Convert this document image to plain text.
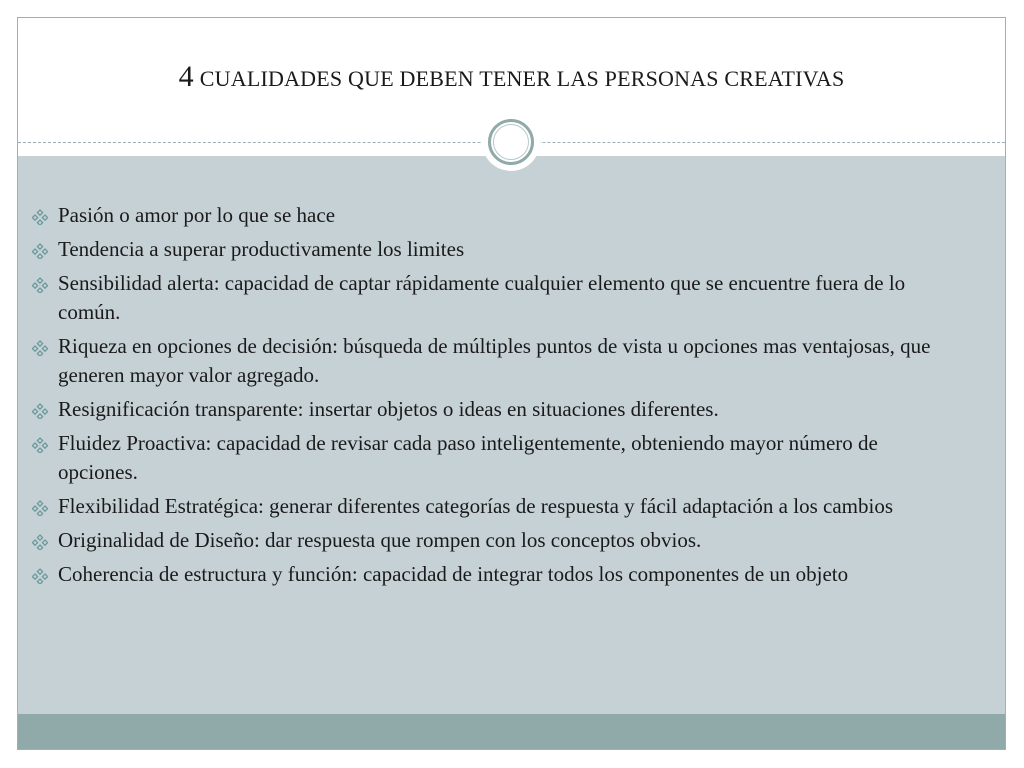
4 CUALIDADES QUE DEBEN TENER LAS PERSONAS CREATIVAS
Pasión o amor por lo que se hace
Tendencia a superar productivamente los limites
Sensibilidad alerta: capacidad de captar rápidamente cualquier elemento que se encuentre fuera de lo común.
Riqueza en opciones de decisión: búsqueda de múltiples puntos de vista u opciones mas ventajosas, que generen mayor valor agregado.
Resignificación transparente: insertar objetos o ideas en situaciones diferentes.
Fluidez Proactiva: capacidad de revisar cada paso inteligentemente, obteniendo mayor número de opciones.
Flexibilidad Estratégica: generar diferentes categorías de respuesta y fácil adaptación a los cambios
Originalidad de Diseño: dar respuesta que rompen con los conceptos obvios.
Coherencia de estructura y función: capacidad de integrar todos los componentes de un objeto
